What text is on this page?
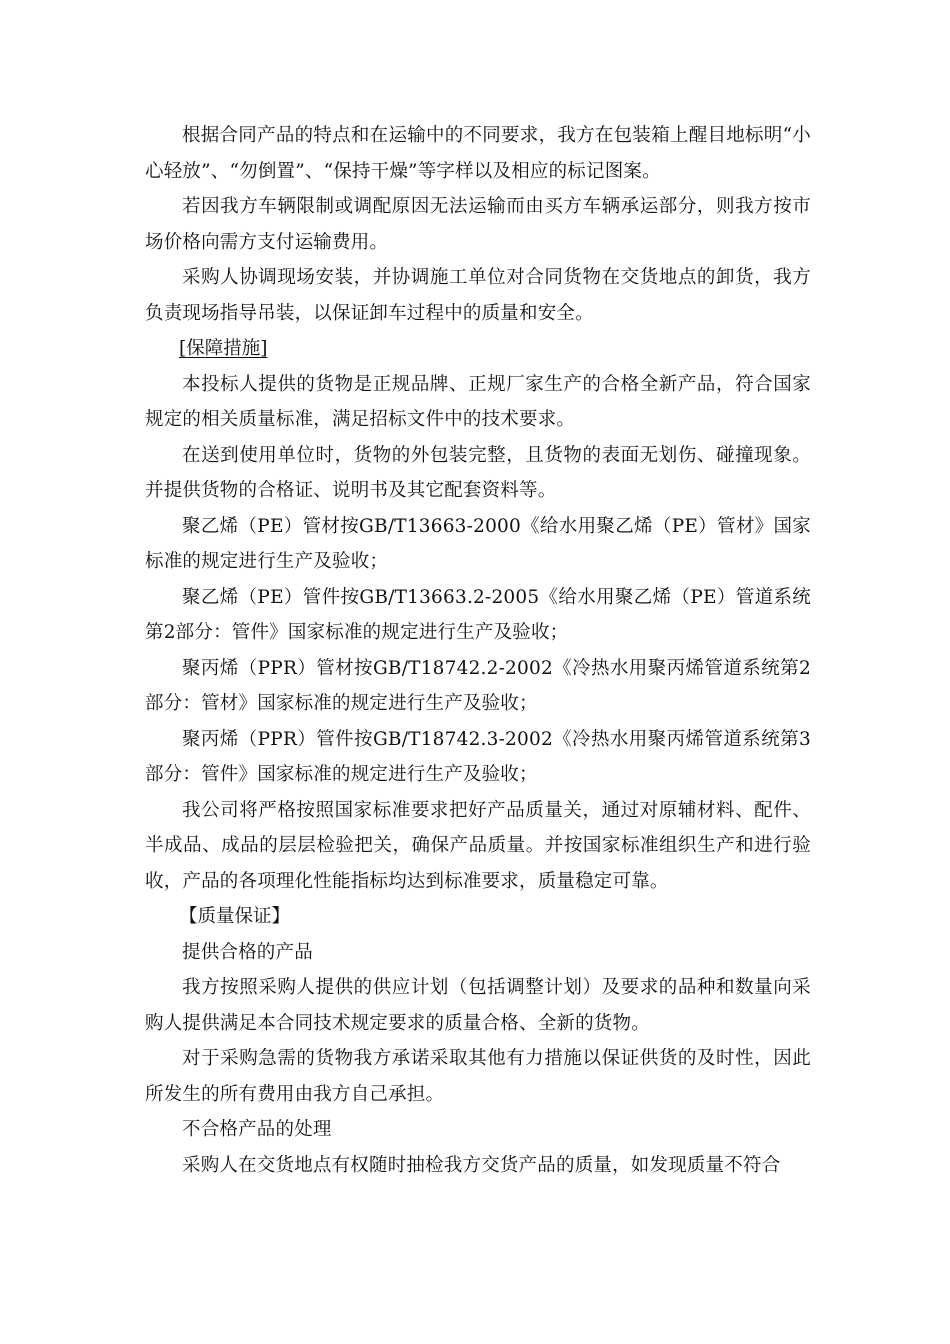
根据合同产品的特点和在运输中的不同要求，我方在包装箱上醒目地标明“小心轻放”、“勿倒置”、“保持干燥”等字样以及相应的标记图案。

若因我方车辆限制或调配原因无法运输而由买方车辆承运部分，则我方按市场价格向需方支付运输费用。

采购人协调现场安装，并协调施工单位对合同货物在交货地点的卸货，我方负责现场指导吊装，以保证卸车过程中的质量和安全。

[保障措施]

本投标人提供的货物是正规品牌、正规厂家生产的合格全新产品，符合国家规定的相关质量标准，满足招标文件中的技术要求。

在送到使用单位时，货物的外包装完整，且货物的表面无划伤、碰撞现象。并提供货物的合格证、说明书及其它配套资料等。

聚乙烯（PE）管材按GB/T13663-2000《给水用聚乙烯（PE）管材》国家标准的规定进行生产及验收；

聚乙烯（PE）管件按GB/T13663.2-2005《给水用聚乙烯（PE）管道系统第2部分：管件》国家标准的规定进行生产及验收；

聚丙烯（PPR）管材按GB/T18742.2-2002《冷热水用聚丙烯管道系统第2部分：管材》国家标准的规定进行生产及验收；

聚丙烯（PPR）管件按GB/T18742.3-2002《冷热水用聚丙烯管道系统第3部分：管件》国家标准的规定进行生产及验收；

我公司将严格按照国家标准要求把好产品质量关，通过对原辅材料、配件、半成品、成品的层层检验把关，确保产品质量。并按国家标准组织生产和进行验收，产品的各项理化性能指标均达到标准要求，质量稳定可靠。

【质量保证】

提供合格的产品

我方按照采购人提供的供应计划（包括调整计划）及要求的品种和数量向采购人提供满足本合同技术规定要求的质量合格、全新的货物。

对于采购急需的货物我方承诺采取其他有力措施以保证供货的及时性，因此所发生的所有费用由我方自己承担。

不合格产品的处理

采购人在交货地点有权随时抽检我方交货产品的质量，如发现质量不符合
